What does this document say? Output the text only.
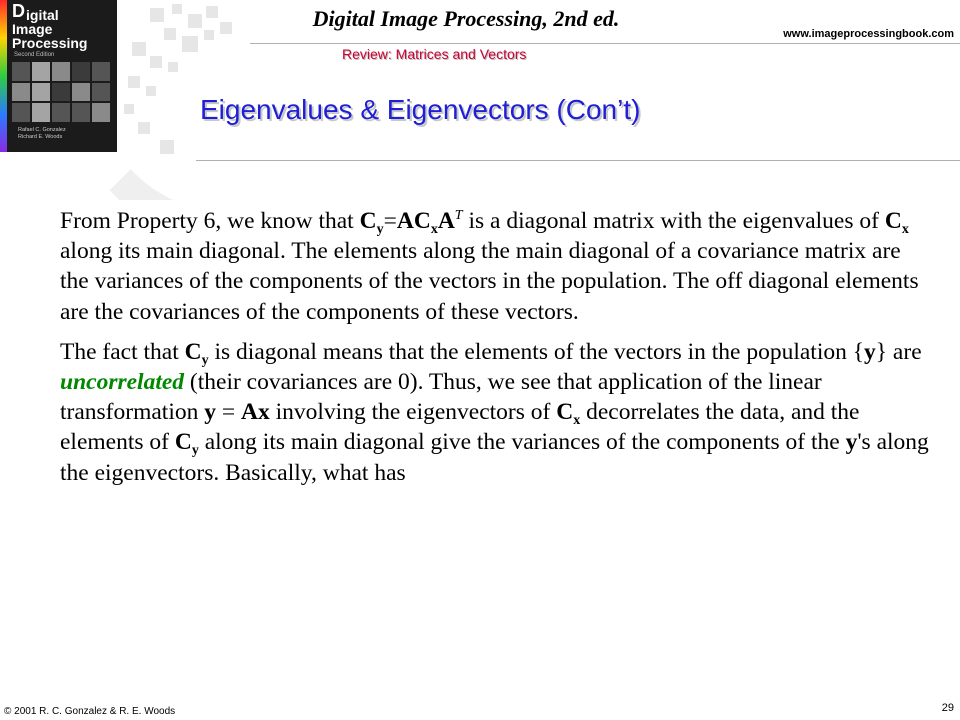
D igital
Image
Processing
Second Edition
Rafael C. Gonzalez
Richard E. Woods
Digital Image Processing, 2nd ed.
www.imageprocessingbook.com
Review: Matrices and Vectors
Eigenvalues & Eigenvectors (Con’t)

From Property 6, we know that $C_y=AC_xA^T$ is a diagonal matrix with the eigenvalues of $C_x$ along its main diagonal. The elements along the main diagonal of a covariance matrix are the variances of the components of the vectors in the population. The off diagonal elements are the covariances of the components of these vectors.

The fact that $C_y$ is diagonal means that the elements of the vectors in the population {y} are uncorrelated (their covariances are 0). Thus, we see that application of the linear transformation y = Ax involving the eigenvectors of $C_x$ decorrelates the data, and the elements of $C_y$ along its main diagonal give the variances of the components of the y's along the eigenvectors. Basically, what has

© 2001 R. C. Gonzalez & R. E. Woods	29
